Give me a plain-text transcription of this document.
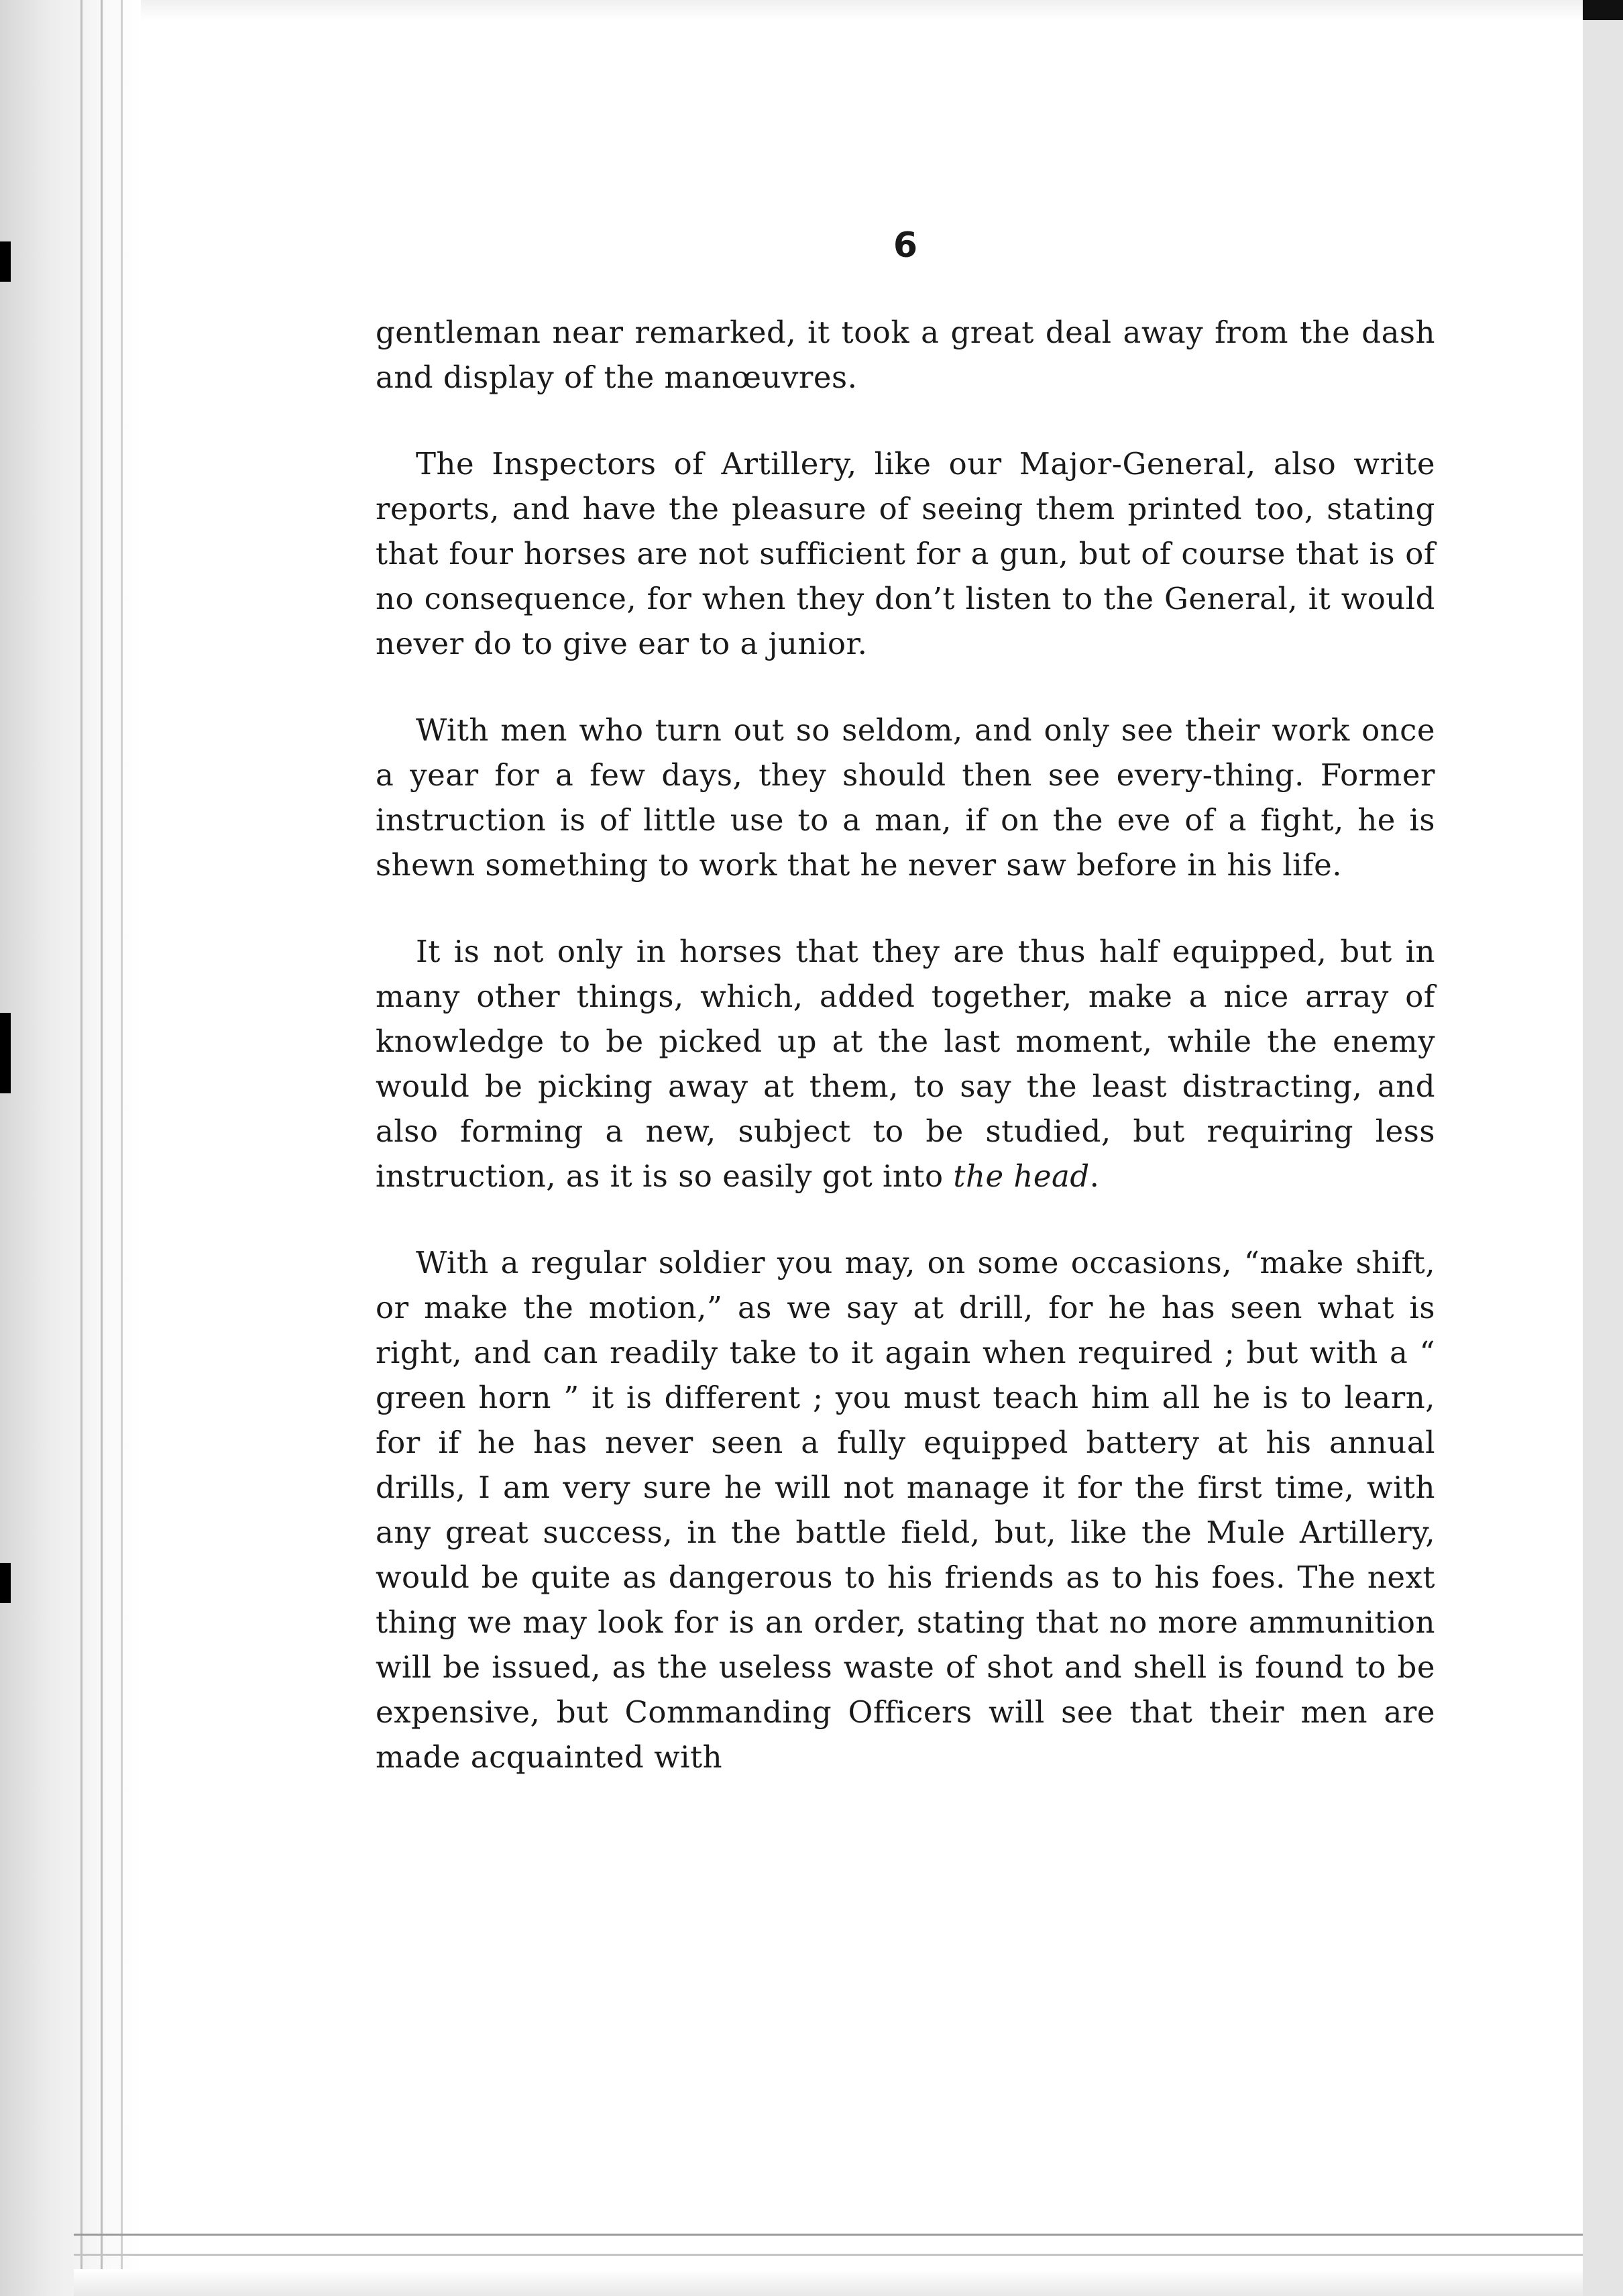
6

gentleman near remarked, it took a great deal away from the dash and display of the manœuvres.

The Inspectors of Artillery, like our Major-General, also write reports, and have the pleasure of seeing them printed too, stating that four horses are not sufficient for a gun, but of course that is of no consequence, for when they don’t listen to the General, it would never do to give ear to a junior.

With men who turn out so seldom, and only see their work once a year for a few days, they should then see every-thing. Former instruction is of little use to a man, if on the eve of a fight, he is shewn something to work that he never saw before in his life.

It is not only in horses that they are thus half equipped, but in many other things, which, added together, make a nice array of knowledge to be picked up at the last moment, while the enemy would be picking away at them, to say the least distracting, and also forming a new, subject to be studied, but requiring less instruction, as it is so easily got into the head.

With a regular soldier you may, on some occasions, “make shift, or make the motion,” as we say at drill, for he has seen what is right, and can readily take to it again when required ; but with a “ green horn ” it is different ; you must teach him all he is to learn, for if he has never seen a fully equipped battery at his annual drills, I am very sure he will not manage it for the first time, with any great success, in the battle field, but, like the Mule Artillery, would be quite as dangerous to his friends as to his foes. The next thing we may look for is an order, stating that no more ammunition will be issued, as the useless waste of shot and shell is found to be expensive, but Commanding Officers will see that their men are made acquainted with
